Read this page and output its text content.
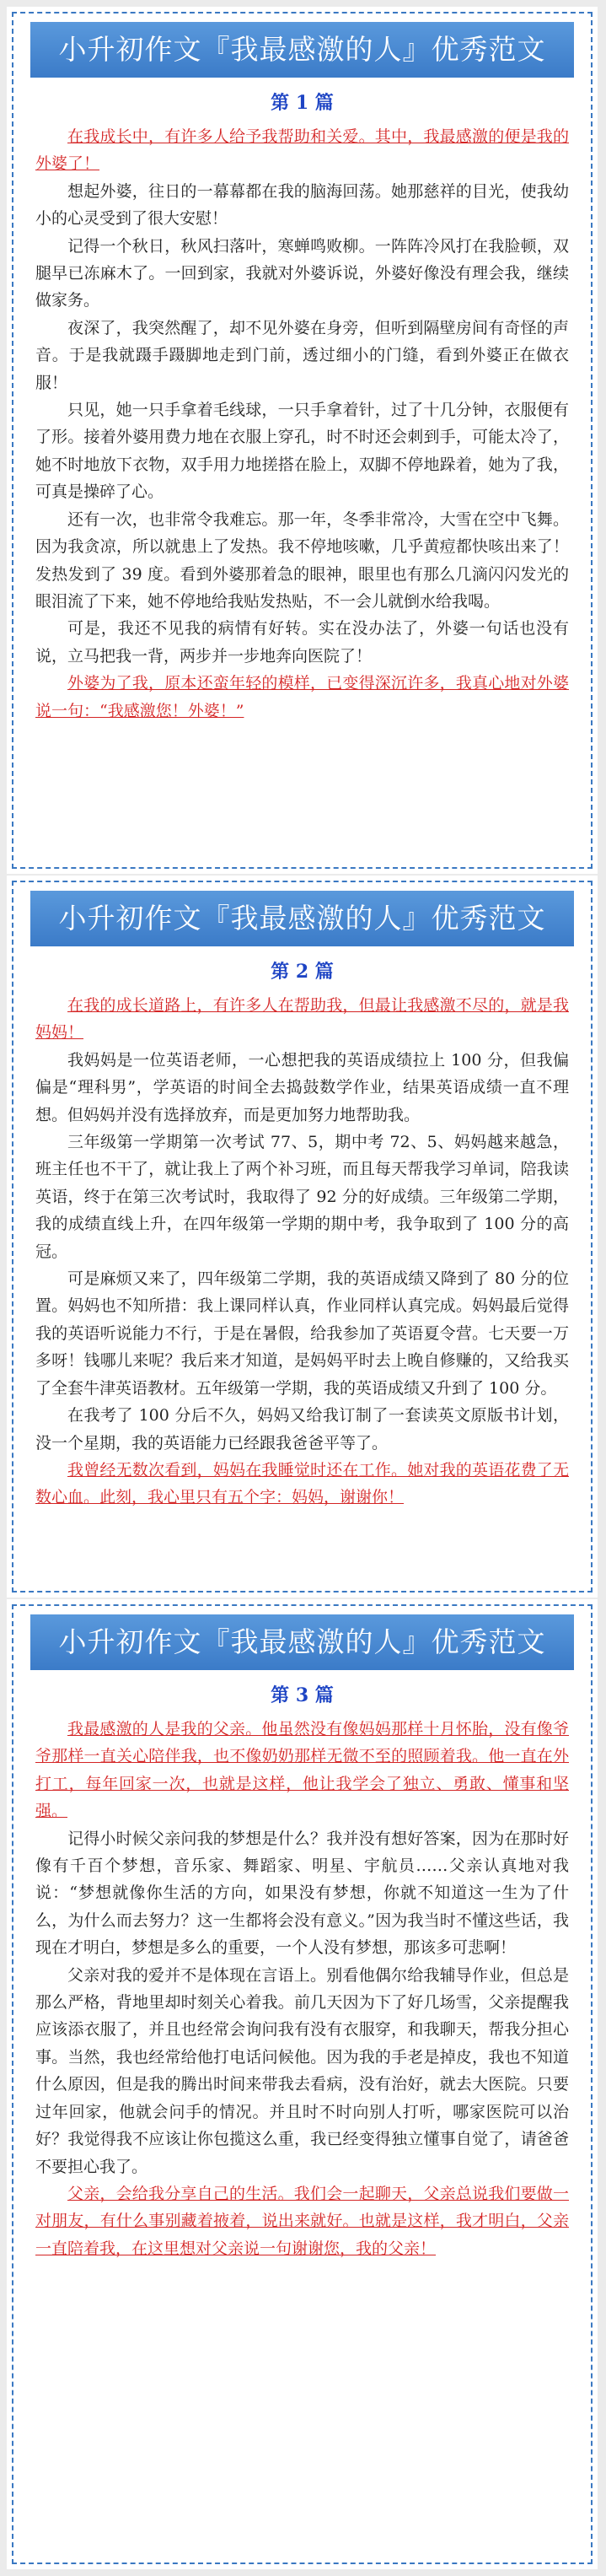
小升初作文『我最感激的人』优秀范文
第 1 篇

在我成长中，有许多人给予我帮助和关爱。其中，我最感激的便是我的外婆了！

想起外婆，往日的一幕幕都在我的脑海回荡。她那慈祥的目光，使我幼小的心灵受到了很大安慰！

记得一个秋日，秋风扫落叶，寒蝉鸣败柳。一阵阵冷风打在我脸顿，双腿早已冻麻木了。一回到家，我就对外婆诉说，外婆好像没有理会我，继续做家务。

夜深了，我突然醒了，却不见外婆在身旁，但听到隔壁房间有奇怪的声音。于是我就蹑手蹑脚地走到门前，透过细小的门缝，看到外婆正在做衣服！

只见，她一只手拿着毛线球，一只手拿着针，过了十几分钟，衣服便有了形。接着外婆用费力地在衣服上穿孔，时不时还会刺到手，可能太冷了，她不时地放下衣物，双手用力地搓搭在脸上，双脚不停地跺着，她为了我，可真是操碎了心。

还有一次，也非常令我难忘。那一年，冬季非常冷，大雪在空中飞舞。因为我贪凉，所以就患上了发热。我不停地咳嗽，几乎黄痘都快咳出来了！发热发到了 39 度。看到外婆那着急的眼神，眼里也有那么几滴闪闪发光的眼泪流了下来，她不停地给我贴发热贴，不一会儿就倒水给我喝。

可是，我还不见我的病情有好转。实在没办法了，外婆一句话也没有说，立马把我一背，两步并一步地奔向医院了！

外婆为了我，原本还蛮年轻的模样，已变得深沉许多，我真心地对外婆说一句：“我感激您！外婆！”

小升初作文『我最感激的人』优秀范文
第 2 篇

在我的成长道路上，有许多人在帮助我，但最让我感激不尽的，就是我妈妈！

我妈妈是一位英语老师，一心想把我的英语成绩拉上 100 分，但我偏偏是“理科男”，学英语的时间全去捣鼓数学作业，结果英语成绩一直不理想。但妈妈并没有选择放弃，而是更加努力地帮助我。

三年级第一学期第一次考试 77、5，期中考 72、5、妈妈越来越急，班主任也不干了，就让我上了两个补习班，而且每天帮我学习单词，陪我读英语，终于在第三次考试时，我取得了 92 分的好成绩。三年级第二学期，我的成绩直线上升，在四年级第一学期的期中考，我争取到了 100 分的高冠。

可是麻烦又来了，四年级第二学期，我的英语成绩又降到了 80 分的位置。妈妈也不知所措：我上课同样认真，作业同样认真完成。妈妈最后觉得我的英语听说能力不行，于是在暑假，给我参加了英语夏令营。七天要一万多呀！钱哪儿来呢？我后来才知道，是妈妈平时去上晚自修赚的，又给我买了全套牛津英语教材。五年级第一学期，我的英语成绩又升到了 100 分。

在我考了 100 分后不久，妈妈又给我订制了一套读英文原版书计划，没一个星期，我的英语能力已经跟我爸爸平等了。

我曾经无数次看到，妈妈在我睡觉时还在工作。她对我的英语花费了无数心血。此刻，我心里只有五个字：妈妈，谢谢你！

小升初作文『我最感激的人』优秀范文
第 3 篇

我最感激的人是我的父亲。他虽然没有像妈妈那样十月怀胎，没有像爷爷那样一直关心陪伴我，也不像奶奶那样无微不至的照顾着我。他一直在外打工，每年回家一次，也就是这样，他让我学会了独立、勇敢、懂事和坚强。

记得小时候父亲问我的梦想是什么？我并没有想好答案，因为在那时好像有千百个梦想，音乐家、舞蹈家、明星、宇航员……父亲认真地对我说：“梦想就像你生活的方向，如果没有梦想，你就不知道这一生为了什么，为什么而去努力？这一生都将会没有意义。”因为我当时不懂这些话，我现在才明白，梦想是多么的重要，一个人没有梦想，那该多可悲啊！

父亲对我的爱并不是体现在言语上。别看他偶尔给我辅导作业，但总是那么严格，背地里却时刻关心着我。前几天因为下了好几场雪，父亲提醒我应该添衣服了，并且也经常会询问我有没有衣服穿，和我聊天，帮我分担心事。当然，我也经常给他打电话问候他。因为我的手老是掉皮，我也不知道什么原因，但是我的腾出时间来带我去看病，没有治好，就去大医院。只要过年回家，他就会问手的情况。并且时不时向别人打听，哪家医院可以治好？我觉得我不应该让你包揽这么重，我已经变得独立懂事自觉了，请爸爸不要担心我了。

父亲，会给我分享自己的生活。我们会一起聊天，父亲总说我们要做一对朋友，有什么事别藏着掖着，说出来就好。也就是这样，我才明白，父亲一直陪着我，在这里想对父亲说一句谢谢您，我的父亲！
